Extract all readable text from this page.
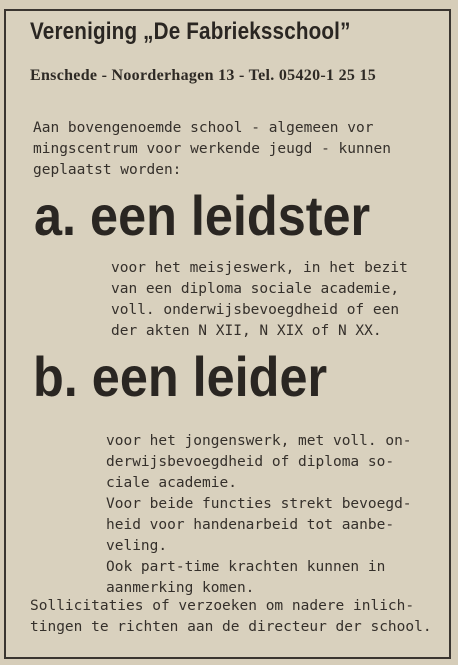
Vereniging „De Fabrieksschool”
Enschede - Noorderhagen 13 - Tel. 05420-1 25 15
Aan bovengenoemde school - algemeen vor
mingscentrum voor werkende jeugd - kunnen
geplaatst worden:
a. een leidster
voor het meisjeswerk, in het bezit
van een diploma sociale academie,
voll. onderwijsbevoegdheid of een
der akten N XII, N XIX of N XX.
b. een leider
voor het jongenswerk, met voll. on-
derwijsbevoegdheid of diploma so-
ciale academie.
Voor beide functies strekt bevoegd-
heid voor handenarbeid tot aanbe-
veling.
Ook part-time krachten kunnen in
aanmerking komen.
Sollicitaties of verzoeken om nadere inlich-
tingen te richten aan de directeur der school.
